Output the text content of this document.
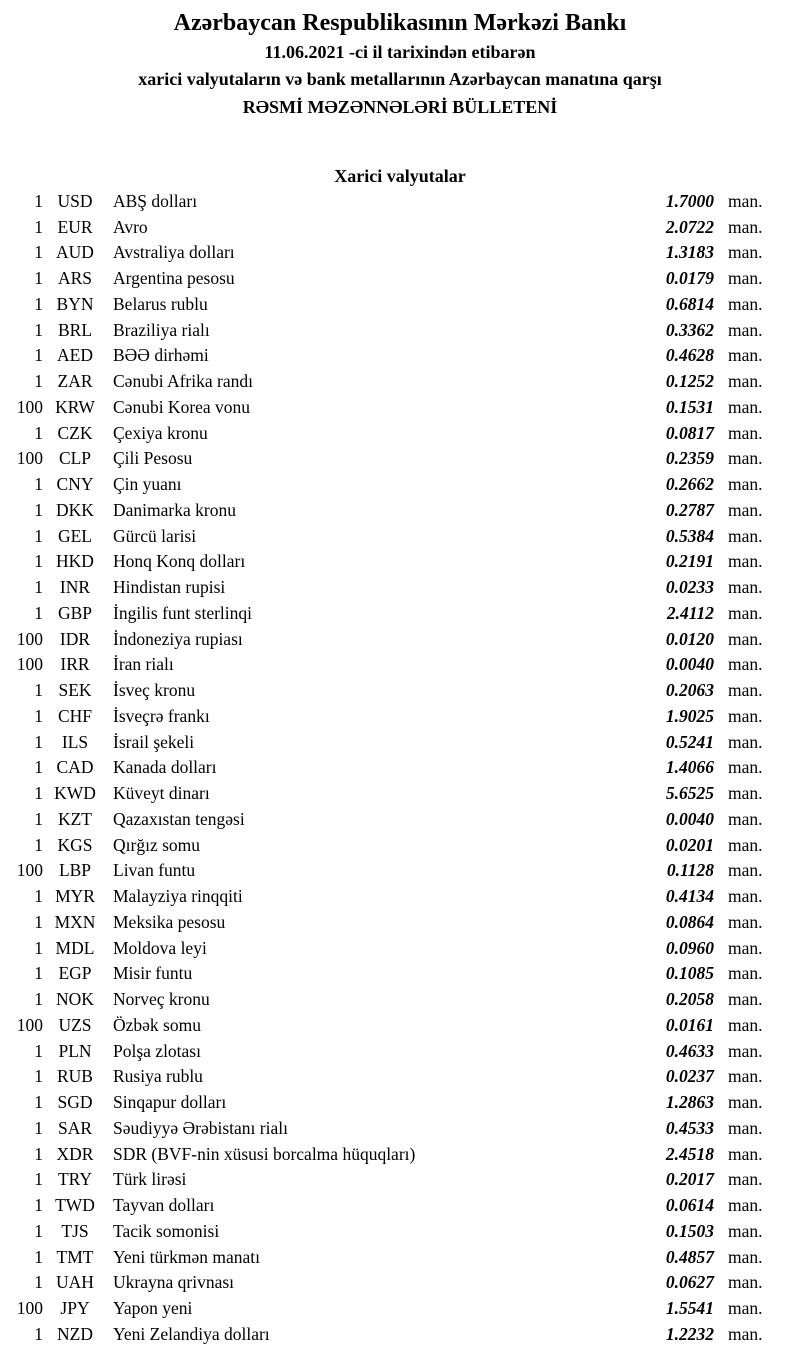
Azərbaycan Respublikasının Mərkəzi Bankı
11.06.2021 -ci il tarixindən etibarən
xarici valyutaların və bank metallarının Azərbaycan manatına qarşı
RƏSMİ MƏZƏNNƏLƏRİ BÜLLETENİ
Xarici valyutalar
1 USD	ABŞ dolları	1.7000 man.
1 EUR	Avro	2.0722 man.
1 AUD	Avstraliya dolları	1.3183 man.
1 ARS	Argentina pesosu	0.0179 man.
1 BYN	Belarus rublu	0.6814 man.
1 BRL	Braziliya rialı	0.3362 man.
1 AED	BƏƏ dirhəmi	0.4628 man.
1 ZAR	Cənubi Afrika randı	0.1252 man.
100 KRW	Cənubi Korea vonu	0.1531 man.
1 CZK	Çexiya kronu	0.0817 man.
100 CLP	Çili Pesosu	0.2359 man.
1 CNY	Çin yuanı	0.2662 man.
1 DKK	Danimarka kronu	0.2787 man.
1 GEL	Gürcü larisi	0.5384 man.
1 HKD	Honq Konq dolları	0.2191 man.
1 INR	Hindistan rupisi	0.0233 man.
1 GBP	İngilis funt sterlinqi	2.4112 man.
100 IDR	İndoneziya rupiası	0.0120 man.
100 IRR	İran rialı	0.0040 man.
1 SEK	İsveç kronu	0.2063 man.
1 CHF	İsveçrə frankı	1.9025 man.
1	ILS	İsrail şekeli	0.5241 man.
1 CAD	Kanada dolları	1.4066 man.
1 KWD Küveyt dinarı	5.6525 man.
1 KZT	Qazaxıstan tengəsi	0.0040 man.
1 KGS	Qırğız somu	0.0201 man.
100 LBP	Livan funtu	0.1128 man.
1 MYR	Malayziya rinqqiti	0.4134 man.
1 MXN	Meksika pesosu	0.0864 man.
1 MDL	Moldova leyi	0.0960 man.
1 EGP	Misir funtu	0.1085 man.
1 NOK	Norveç kronu	0.2058 man.
100 UZS	Özbək somu	0.0161 man.
1 PLN	Polşa zlotası	0.4633 man.
1 RUB	Rusiya rublu	0.0237 man.
1 SGD	Sinqapur dolları	1.2863 man.
1 SAR	Səudiyyə Ərəbistanı rialı	0.4533 man.
1 XDR	SDR (BVF-nin xüsusi borcalma hüquqları)	2.4518 man.
1 TRY	Türk lirəsi	0.2017 man.
1 TWD	Tayvan dolları	0.0614 man.
1	TJS	Tacik somonisi	0.1503 man.
1 TMT	Yeni türkmən manatı	0.4857 man.
1 UAH	Ukrayna qrivnası	0.0627 man.
100 JPY	Yapon yeni	1.5541 man.
1 NZD	Yeni Zelandiya dolları	1.2232 man.
